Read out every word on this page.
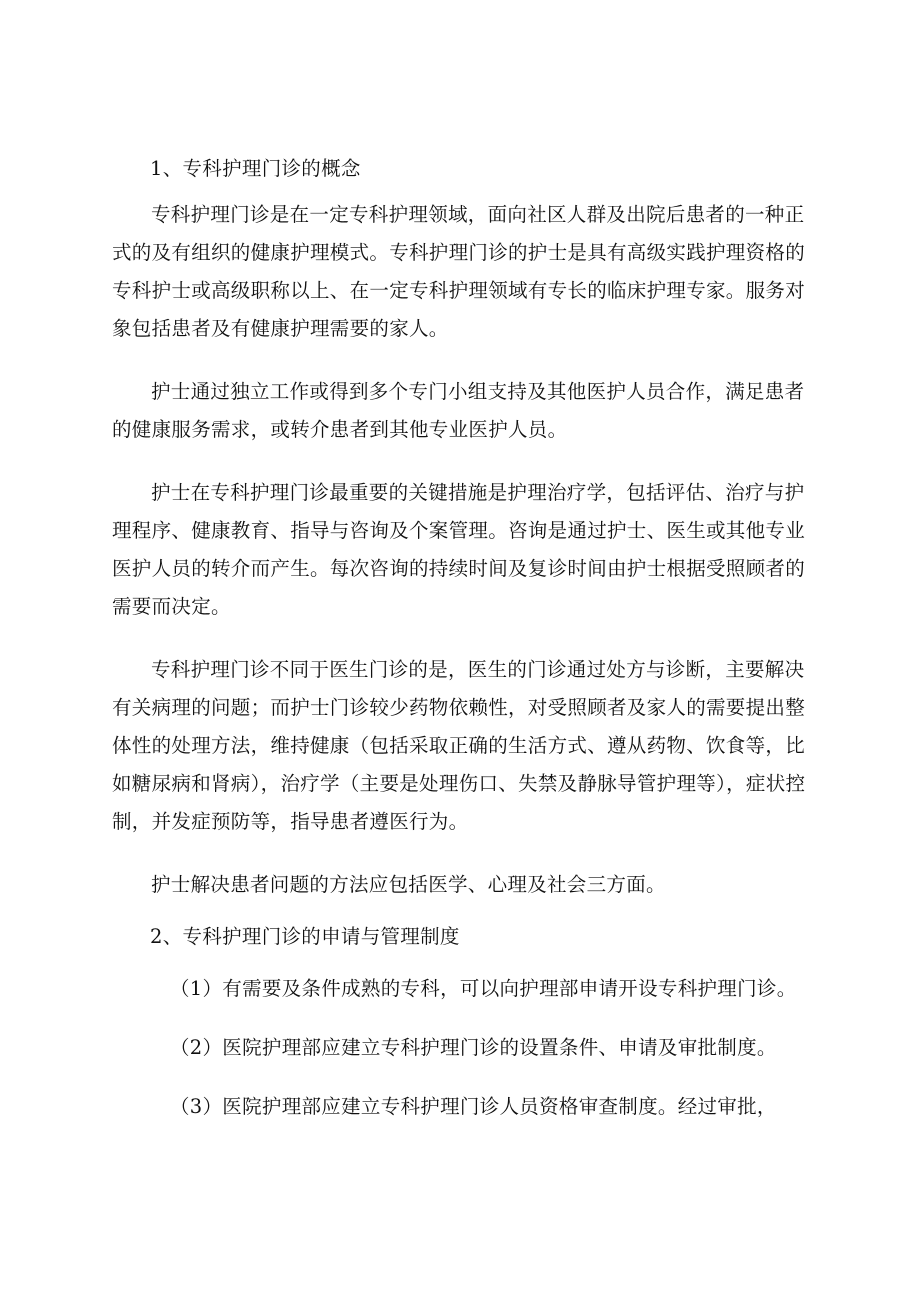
1、专科护理门诊的概念

专科护理门诊是在一定专科护理领域，面向社区人群及出院后患者的一种正式的及有组织的健康护理模式。专科护理门诊的护士是具有高级实践护理资格的专科护士或高级职称以上、在一定专科护理领域有专长的临床护理专家。服务对象包括患者及有健康护理需要的家人。

护士通过独立工作或得到多个专门小组支持及其他医护人员合作，满足患者的健康服务需求，或转介患者到其他专业医护人员。

护士在专科护理门诊最重要的关键措施是护理治疗学，包括评估、治疗与护理程序、健康教育、指导与咨询及个案管理。咨询是通过护士、医生或其他专业医护人员的转介而产生。每次咨询的持续时间及复诊时间由护士根据受照顾者的需要而决定。

专科护理门诊不同于医生门诊的是，医生的门诊通过处方与诊断，主要解决有关病理的问题；而护士门诊较少药物依赖性，对受照顾者及家人的需要提出整体性的处理方法，维持健康（包括采取正确的生活方式、遵从药物、饮食等，比如糖尿病和肾病），治疗学（主要是处理伤口、失禁及静脉导管护理等），症状控制，并发症预防等，指导患者遵医行为。

护士解决患者问题的方法应包括医学、心理及社会三方面。

2、专科护理门诊的申请与管理制度

（1）有需要及条件成熟的专科，可以向护理部申请开设专科护理门诊。

（2）医院护理部应建立专科护理门诊的设置条件、申请及审批制度。

（3）医院护理部应建立专科护理门诊人员资格审查制度。经过审批，
